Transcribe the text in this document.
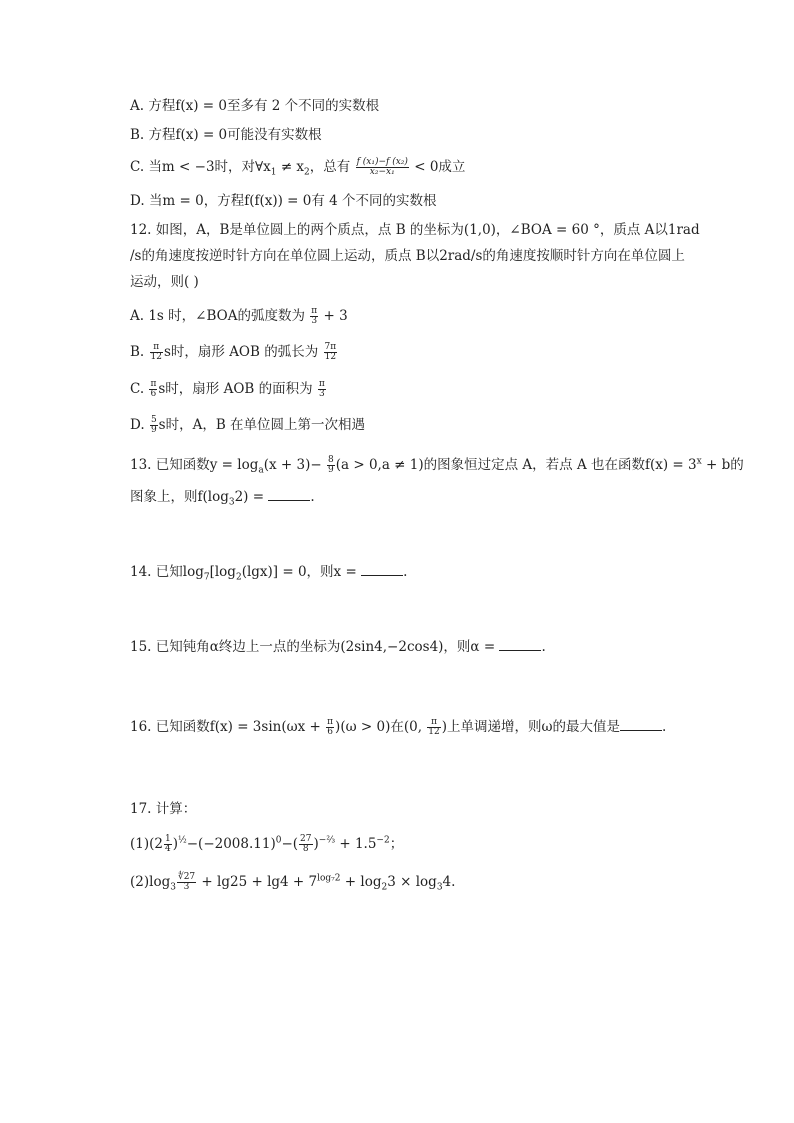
A. 方程f(x) = 0至多有 2 个不同的实数根
B. 方程f(x) = 0可能没有实数根
C. 当m < −3时，对$\forall x_1 \ne x_2$，总有 $\frac{\text{f (x₁)−f (x₂)}}{\text{x₂−x₁}} < 0$成立
D. 当m = 0，方程f(f(x)) = 0有 4 个不同的实数根
12. 如图，A，B是单位圆上的两个质点，点 B 的坐标为(1,0)，∠BOA = 60 °，质点 A以1rad
/s的角速度按逆时针方向在单位圆上运动，质点 B以2rad/s的角速度按顺时针方向在单位圆上
运动，则( )
A. 1s 时，∠BOA的弧度数为 $\frac{\pi}{3} + 3$
B. $\frac{\pi}{12}$ s时，扇形 AOB 的弧长为 $\frac{7\pi}{12}$
C. $\frac{\pi}{6}$ s时，扇形 AOB 的面积为 $\frac{\pi}{3}$
D. $\frac{5}{9}$ s时，A，B 在单位圆上第一次相遇
13. 已知函数$y = \log_a(x + 3)- \frac{8}{9} (a > 0,a \ne 1)$的图象恒过定点 A，若点 A 也在函数$f(x) = 3^x + b$的
图象上，则$f(\log_32)$ =	.
14. 已知$\log_7[\log_2(\lg x)] = 0$，则x =	.
15. 已知钝角α终边上一点的坐标为(2sin4,−2cos4)，则α =	.
16. 已知函数$f(x) = 3\sin(\omega x + \frac{\pi}{6} )(\omega > 0)$在(0, $\frac{\pi}{12}$ )上单调递增，则ω的最大值是	.
17. 计算：
$(1)(2 \frac{1}{4} )^{\frac{1}{2}}-(-2008.11)^0-( \frac{27}{8} )^{-\frac{2}{3}} + 1.5^{-2}$；
$(2)\log_3 \frac{∜27}{3} + \lg 25 + \lg 4 + 7^{log_72} + \log_23 \times \log_34$.
